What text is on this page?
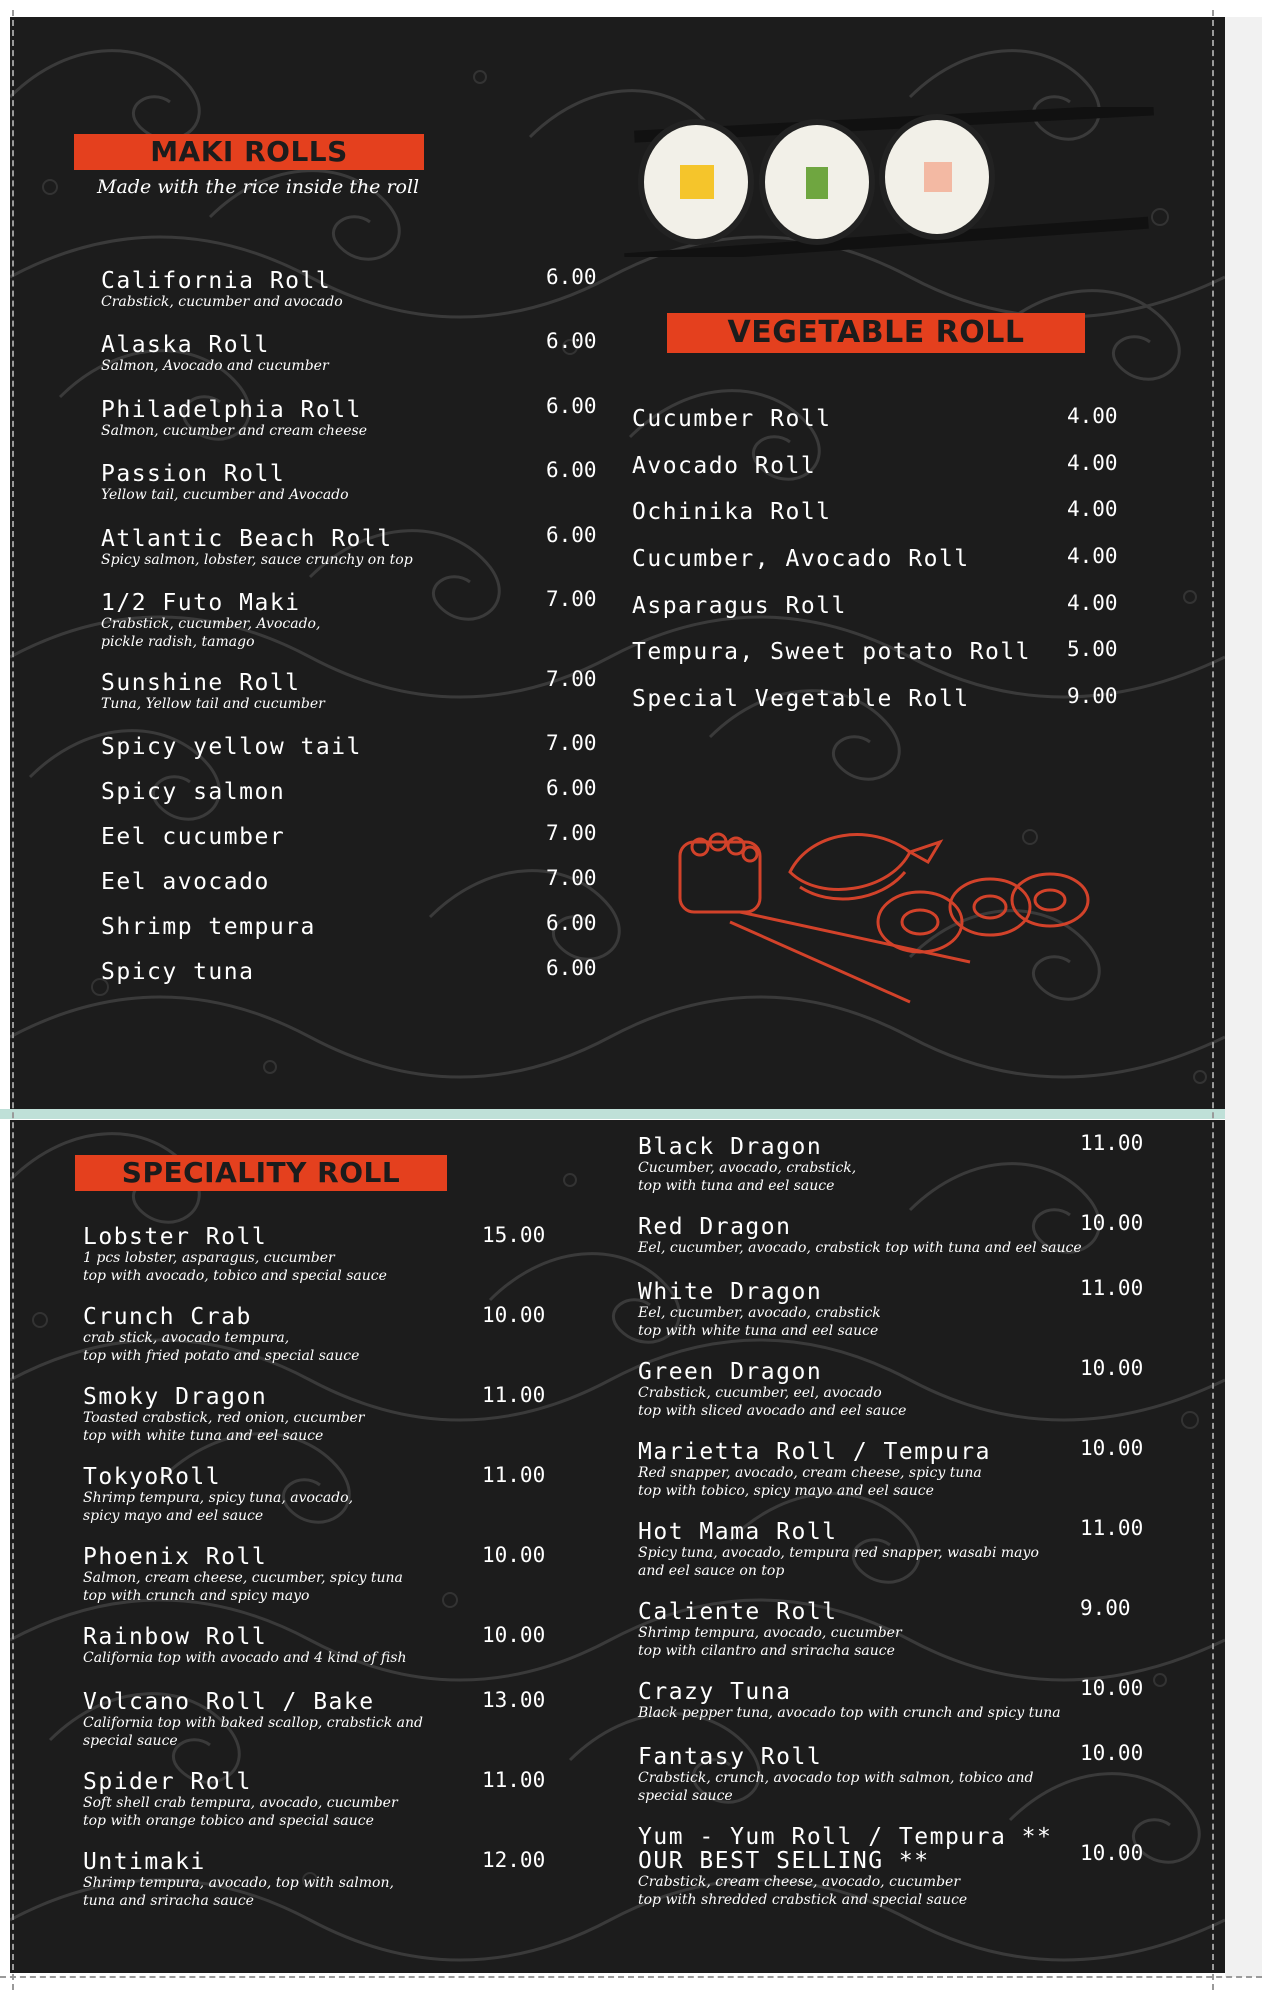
MAKI ROLLS
Made with the rice inside the roll
California Roll
Crabstick, cucumber and avocado
6.00
Alaska Roll
Salmon, Avocado and cucumber
6.00
Philadelphia Roll
Salmon, cucumber and cream cheese
6.00
Passion Roll
Yellow tail, cucumber and Avocado
6.00
Atlantic Beach Roll
Spicy salmon, lobster, sauce crunchy on top
6.00
1/2 Futo Maki
Crabstick, cucumber, Avocado,
pickle radish, tamago
7.00
Sunshine Roll
Tuna, Yellow tail and cucumber
7.00
Spicy yellow tail	7.00
Spicy salmon	6.00
Eel cucumber	7.00
Eel avocado	7.00
Shrimp tempura	6.00
Spicy tuna	6.00
VEGETABLE ROLL
Cucumber Roll	4.00
Avocado Roll	4.00
Ochinika Roll	4.00
Cucumber, Avocado Roll	4.00
Asparagus Roll	4.00
Tempura, Sweet potato Roll 5.00
Special Vegetable Roll	9.00
SPECIALITY ROLL
Lobster Roll
1 pcs lobster, asparagus, cucumber
top with avocado, tobico and special sauce
15.00
Crunch Crab
crab stick, avocado tempura,
top with fried potato and special sauce
10.00
Smoky Dragon
Toasted crabstick, red onion, cucumber
top with white tuna and eel sauce
11.00
TokyoRoll
Shrimp tempura, spicy tuna, avocado,
spicy mayo and eel sauce
11.00
Phoenix Roll
Salmon, cream cheese, cucumber, spicy tuna
top with crunch and spicy mayo
10.00
Rainbow Roll
California top with avocado and 4 kind of fish
10.00
Volcano Roll / Bake
California top with baked scallop, crabstick and
special sauce
13.00
Spider Roll
Soft shell crab tempura, avocado, cucumber
top with orange tobico and special sauce
11.00
Untimaki
Shrimp tempura, avocado, top with salmon,
tuna and sriracha sauce
12.00
Black Dragon
Cucumber, avocado, crabstick,
top with tuna and eel sauce
11.00
Red Dragon
Eel, cucumber, avocado, crabstick top with tuna and eel sauce
10.00
White Dragon
Eel, cucumber, avocado, crabstick
top with white tuna and eel sauce
11.00
Green Dragon
Crabstick, cucumber, eel, avocado
top with sliced avocado and eel sauce
10.00
Marietta Roll / Tempura
Red snapper, avocado, cream cheese, spicy tuna
top with tobico, spicy mayo and eel sauce
10.00
Hot Mama Roll
Spicy tuna, avocado, tempura red snapper, wasabi mayo
and eel sauce on top
11.00
Caliente Roll
Shrimp tempura, avocado, cucumber
top with cilantro and sriracha sauce
9.00
Crazy Tuna
Black pepper tuna, avocado top with crunch and spicy tuna
10.00
Fantasy Roll
Crabstick, crunch, avocado top with salmon, tobico and
special sauce
10.00
Yum - Yum Roll / Tempura **
OUR BEST SELLING **
Crabstick, cream cheese, avocado, cucumber
top with shredded crabstick and special sauce
10.00
